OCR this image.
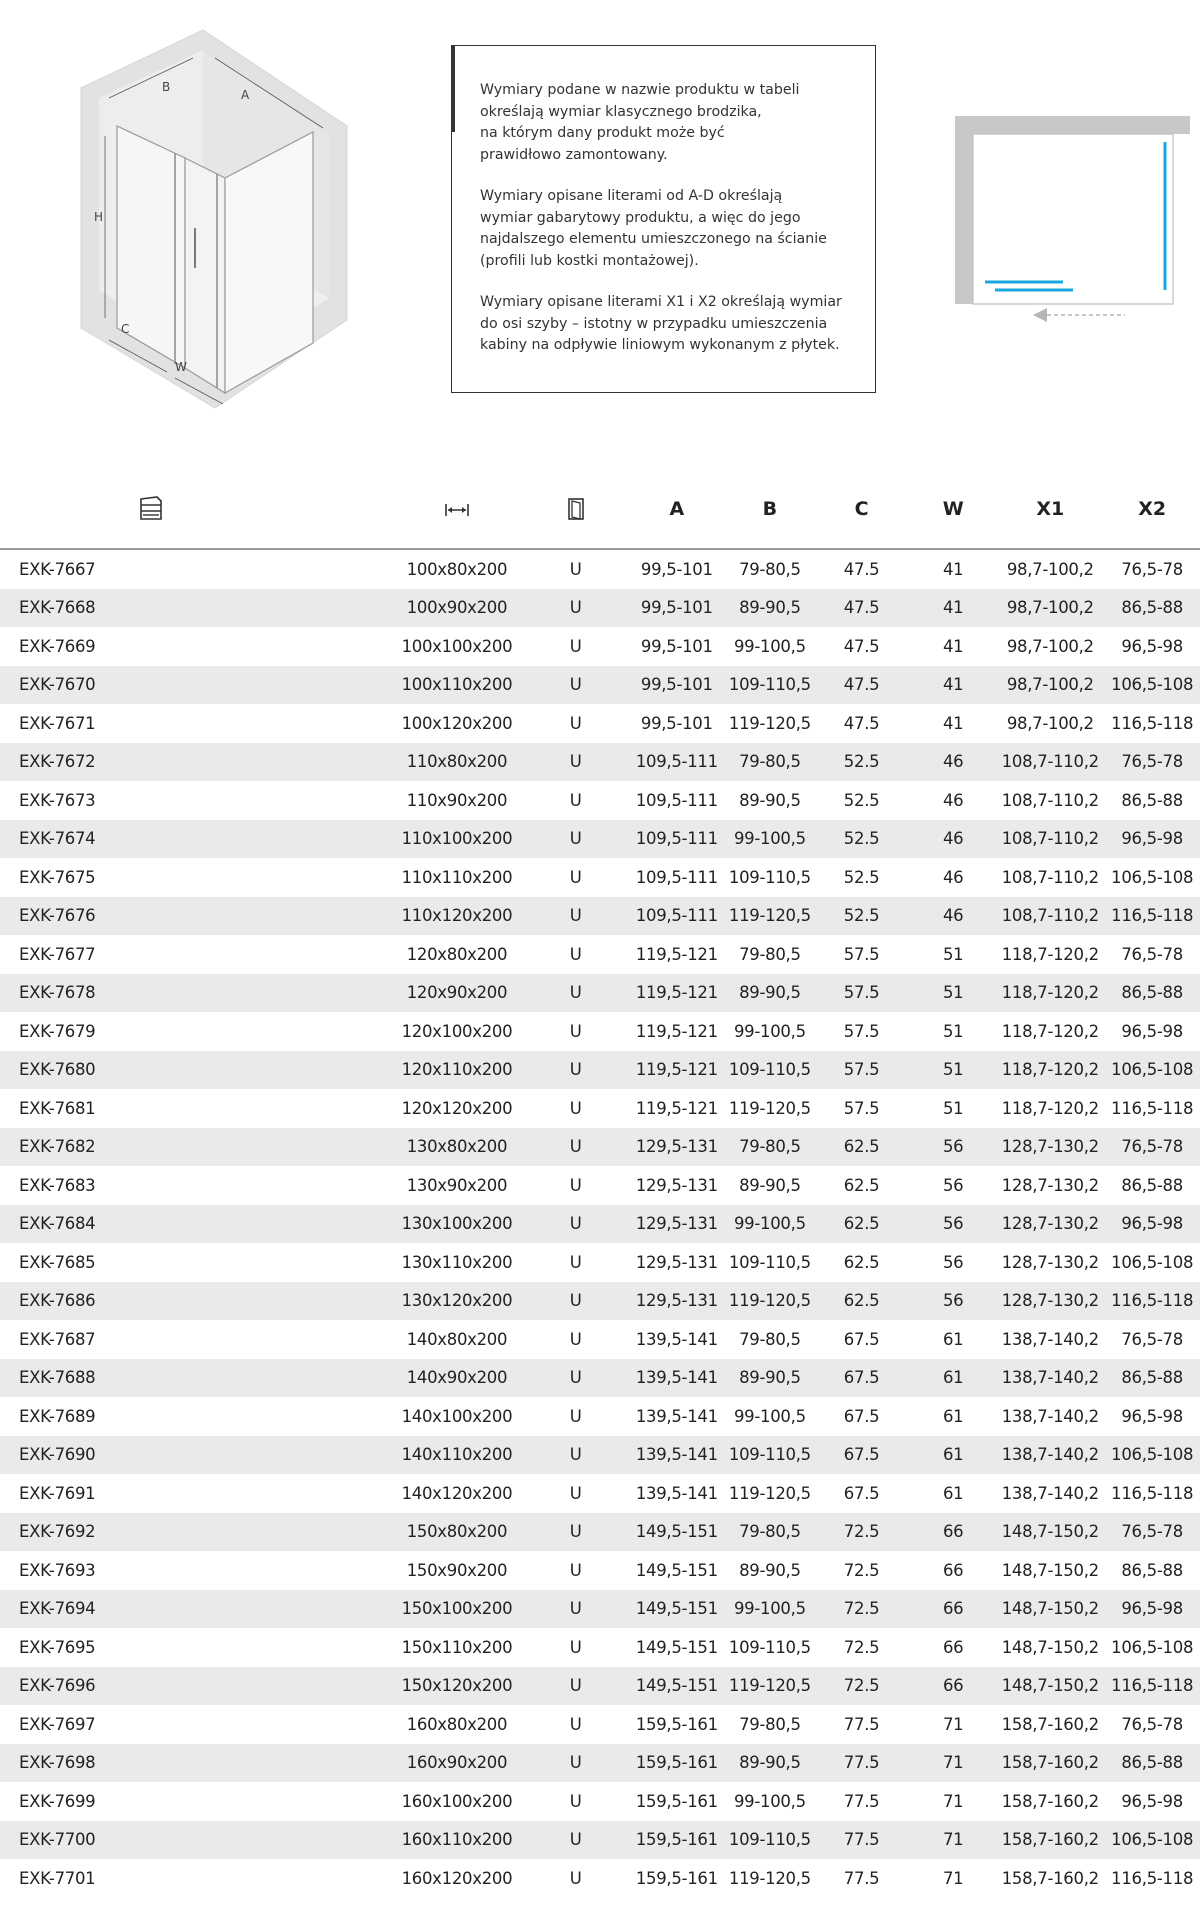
B
A
H
C
W

Wymiary podane w nazwie produktu w tabeli
określają wymiar klasycznego brodzika,
na którym dany produkt może być
prawidłowo zamontowany.

Wymiary opisane literami od A-D określają
wymiar gabarytowy produktu, a więc do jego
najdalszego elementu umieszczonego na ścianie
(profili lub kostki montażowej).

Wymiary opisane literami X1 i X2 określają wymiar
do osi szyby – istotny w przypadku umieszczenia
kabiny na odpływie liniowym wykonanym z płytek.

			A	B	C	W	X1	X2
EXK-7667	100x80x200	U	99,5-101	79-80,5	47.5	41	98,7-100,2	76,5-78
EXK-7668	100x90x200	U	99,5-101	89-90,5	47.5	41	98,7-100,2	86,5-88
EXK-7669	100x100x200	U	99,5-101	99-100,5	47.5	41	98,7-100,2	96,5-98
EXK-7670	100x110x200	U	99,5-101	109-110,5	47.5	41	98,7-100,2	106,5-108
EXK-7671	100x120x200	U	99,5-101	119-120,5	47.5	41	98,7-100,2	116,5-118
EXK-7672	110x80x200	U	109,5-111	79-80,5	52.5	46	108,7-110,2	76,5-78
EXK-7673	110x90x200	U	109,5-111	89-90,5	52.5	46	108,7-110,2	86,5-88
EXK-7674	110x100x200	U	109,5-111	99-100,5	52.5	46	108,7-110,2	96,5-98
EXK-7675	110x110x200	U	109,5-111	109-110,5	52.5	46	108,7-110,2	106,5-108
EXK-7676	110x120x200	U	109,5-111	119-120,5	52.5	46	108,7-110,2	116,5-118
EXK-7677	120x80x200	U	119,5-121	79-80,5	57.5	51	118,7-120,2	76,5-78
EXK-7678	120x90x200	U	119,5-121	89-90,5	57.5	51	118,7-120,2	86,5-88
EXK-7679	120x100x200	U	119,5-121	99-100,5	57.5	51	118,7-120,2	96,5-98
EXK-7680	120x110x200	U	119,5-121	109-110,5	57.5	51	118,7-120,2	106,5-108
EXK-7681	120x120x200	U	119,5-121	119-120,5	57.5	51	118,7-120,2	116,5-118
EXK-7682	130x80x200	U	129,5-131	79-80,5	62.5	56	128,7-130,2	76,5-78
EXK-7683	130x90x200	U	129,5-131	89-90,5	62.5	56	128,7-130,2	86,5-88
EXK-7684	130x100x200	U	129,5-131	99-100,5	62.5	56	128,7-130,2	96,5-98
EXK-7685	130x110x200	U	129,5-131	109-110,5	62.5	56	128,7-130,2	106,5-108
EXK-7686	130x120x200	U	129,5-131	119-120,5	62.5	56	128,7-130,2	116,5-118
EXK-7687	140x80x200	U	139,5-141	79-80,5	67.5	61	138,7-140,2	76,5-78
EXK-7688	140x90x200	U	139,5-141	89-90,5	67.5	61	138,7-140,2	86,5-88
EXK-7689	140x100x200	U	139,5-141	99-100,5	67.5	61	138,7-140,2	96,5-98
EXK-7690	140x110x200	U	139,5-141	109-110,5	67.5	61	138,7-140,2	106,5-108
EXK-7691	140x120x200	U	139,5-141	119-120,5	67.5	61	138,7-140,2	116,5-118
EXK-7692	150x80x200	U	149,5-151	79-80,5	72.5	66	148,7-150,2	76,5-78
EXK-7693	150x90x200	U	149,5-151	89-90,5	72.5	66	148,7-150,2	86,5-88
EXK-7694	150x100x200	U	149,5-151	99-100,5	72.5	66	148,7-150,2	96,5-98
EXK-7695	150x110x200	U	149,5-151	109-110,5	72.5	66	148,7-150,2	106,5-108
EXK-7696	150x120x200	U	149,5-151	119-120,5	72.5	66	148,7-150,2	116,5-118
EXK-7697	160x80x200	U	159,5-161	79-80,5	77.5	71	158,7-160,2	76,5-78
EXK-7698	160x90x200	U	159,5-161	89-90,5	77.5	71	158,7-160,2	86,5-88
EXK-7699	160x100x200	U	159,5-161	99-100,5	77.5	71	158,7-160,2	96,5-98
EXK-7700	160x110x200	U	159,5-161	109-110,5	77.5	71	158,7-160,2	106,5-108
EXK-7701	160x120x200	U	159,5-161	119-120,5	77.5	71	158,7-160,2	116,5-118
